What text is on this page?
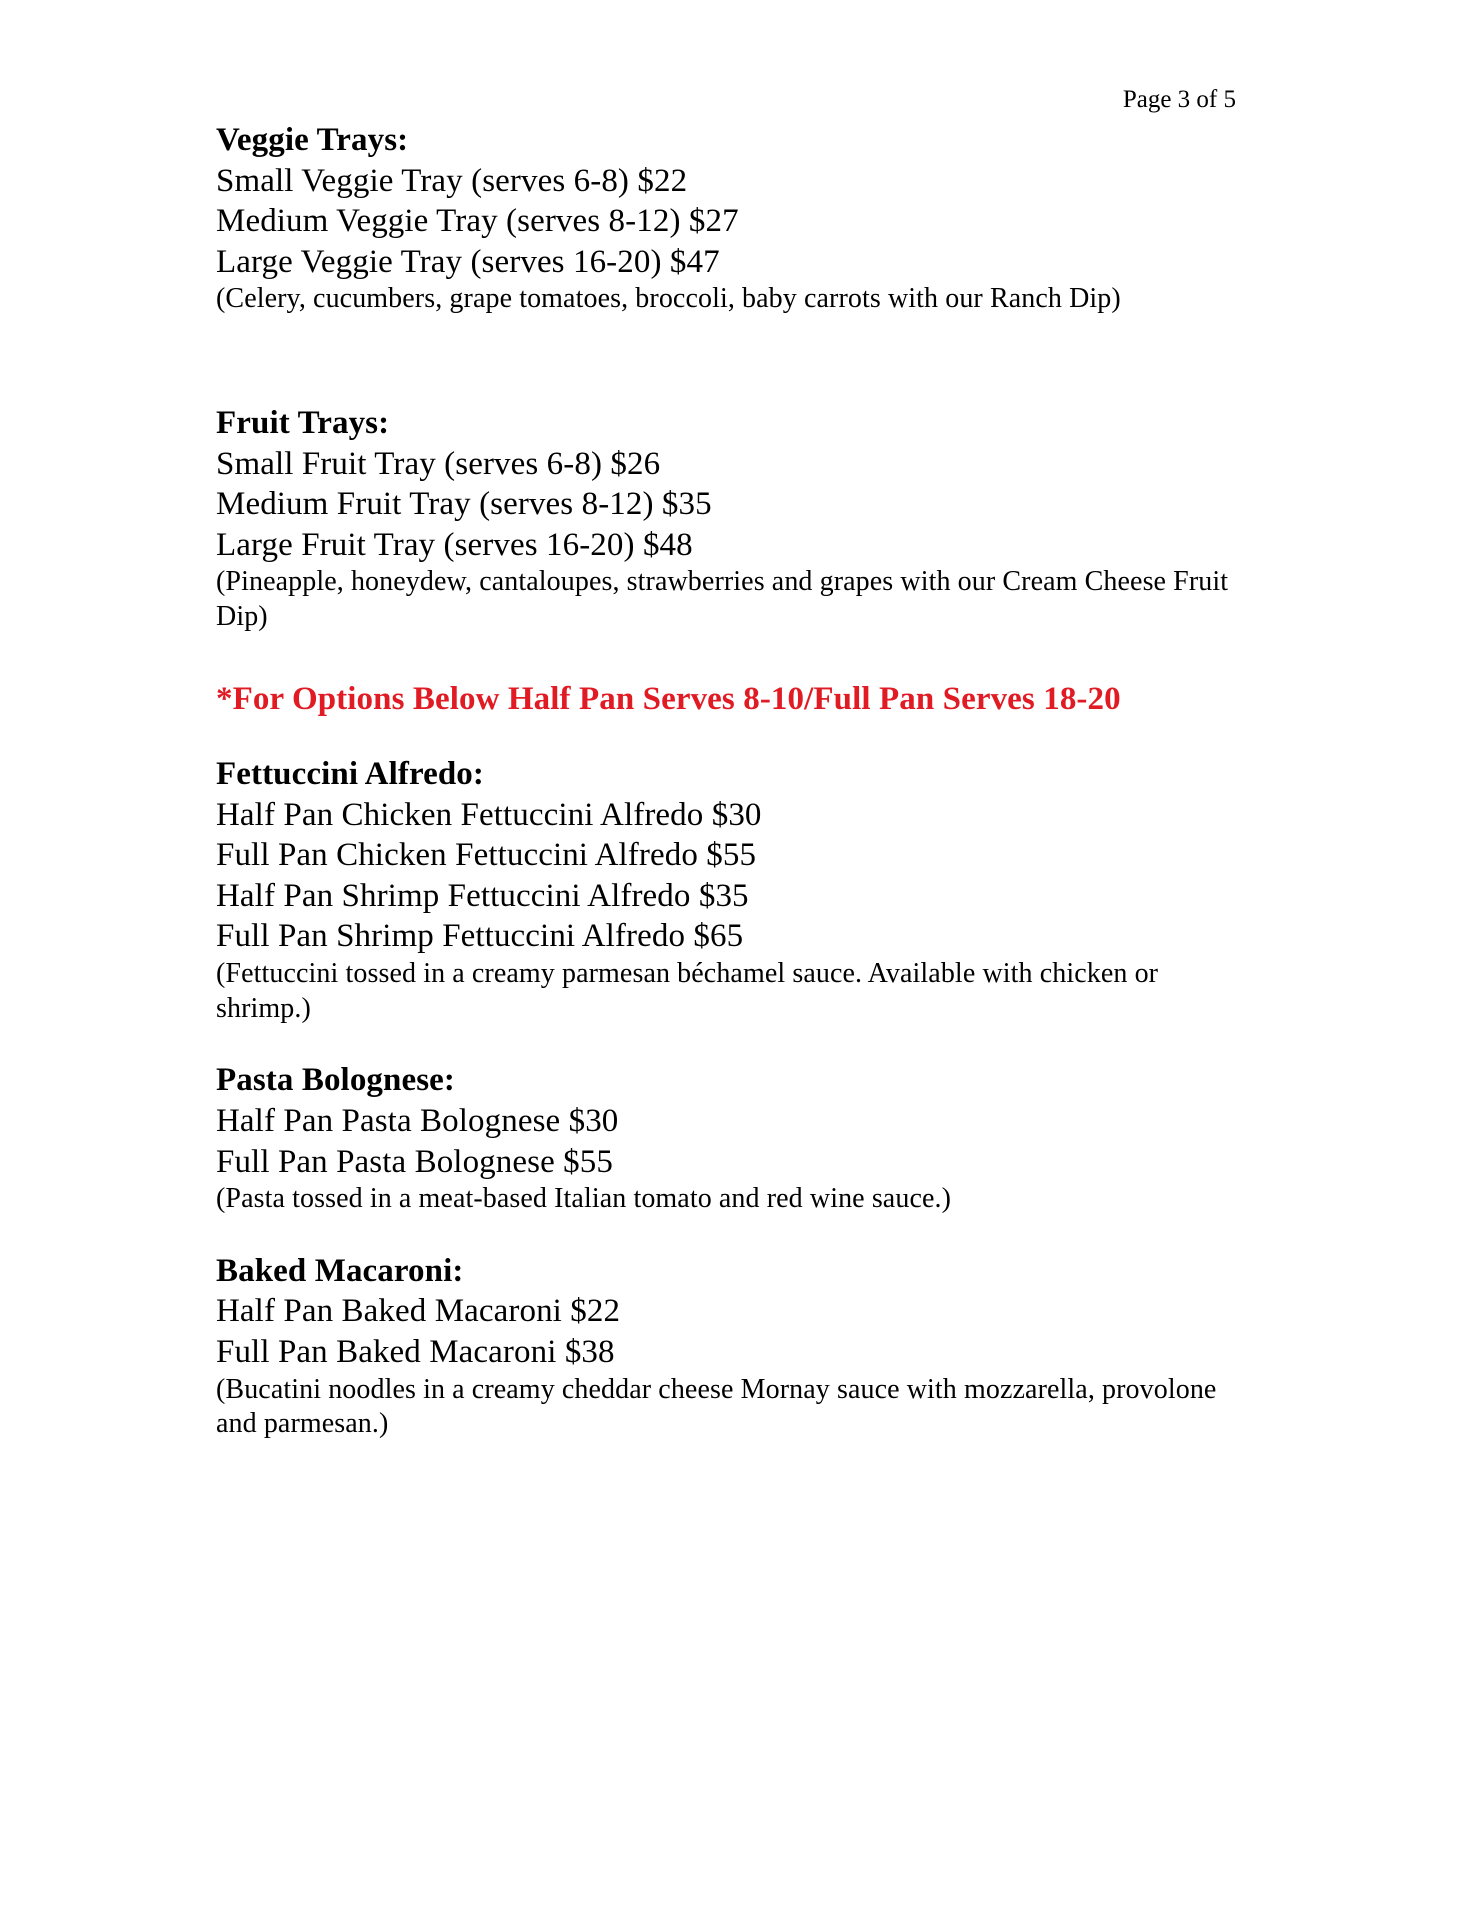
Page 3 of 5

Veggie Trays:

Small Veggie Tray (serves 6-8) $22

Medium Veggie Tray (serves 8-12) $27

Large Veggie Tray (serves 16-20) $47

(Celery, cucumbers, grape tomatoes, broccoli, baby carrots with our Ranch Dip)

Fruit Trays:

Small Fruit Tray (serves 6-8) $26

Medium Fruit Tray (serves 8-12) $35

Large Fruit Tray (serves 16-20) $48

(Pineapple, honeydew, cantaloupes, strawberries and grapes with our Cream Cheese Fruit Dip)

*For Options Below Half Pan Serves 8-10/Full Pan Serves 18-20

Fettuccini Alfredo:

Half Pan Chicken Fettuccini Alfredo $30

Full Pan Chicken Fettuccini Alfredo $55

Half Pan Shrimp Fettuccini Alfredo $35

Full Pan Shrimp Fettuccini Alfredo $65

(Fettuccini tossed in a creamy parmesan béchamel sauce. Available with chicken or shrimp.)

Pasta Bolognese:

Half Pan Pasta Bolognese $30

Full Pan Pasta Bolognese $55

(Pasta tossed in a meat-based Italian tomato and red wine sauce.)

Baked Macaroni:

Half Pan Baked Macaroni $22

Full Pan Baked Macaroni $38

(Bucatini noodles in a creamy cheddar cheese Mornay sauce with mozzarella, provolone and parmesan.)
